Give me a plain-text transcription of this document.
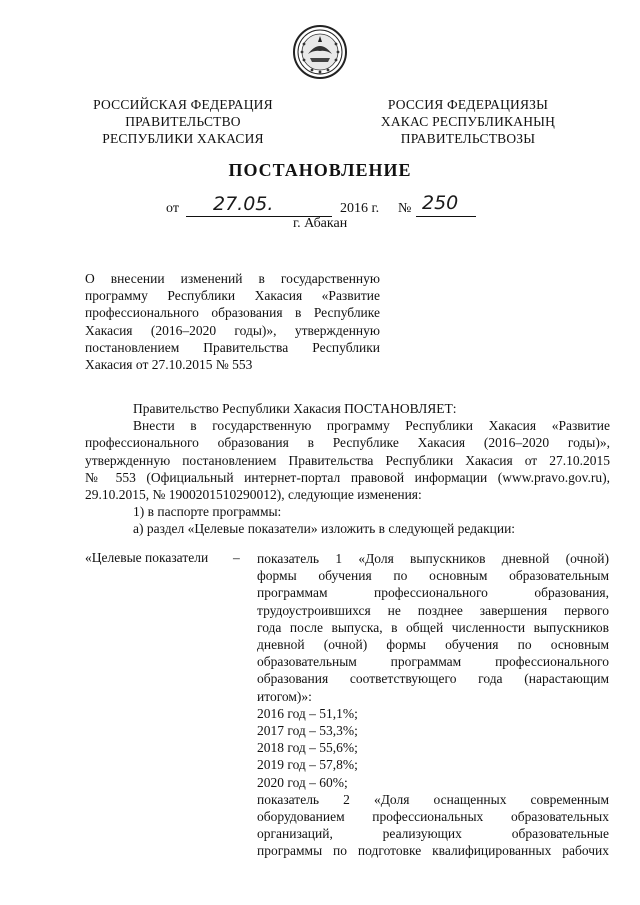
РОССИЙСКАЯ ФЕДЕРАЦИЯ
ПРАВИТЕЛЬСТВО
РЕСПУБЛИКИ ХАКАСИЯ
РОССИЯ ФЕДЕРАЦИЯЗЫ
ХАКАС РЕСПУБЛИКАНЫҢ
ПРАВИТЕЛЬСТВОЗЫ
ПОСТАНОВЛЕНИЕ
от 27.05.	2016 г. № 250
г. Абакан
О внесении изменений в государственную
программу Республики Хакасия «Развитие
профессионального образования в Республике
Хакасия (2016–2020 годы)», утвержденную
постановлением Правительства Республики
Хакасия от 27.10.2015 № 553
Правительство Республики Хакасия ПОСТАНОВЛЯЕТ:
Внести в государственную программу Республики Хакасия «Развитие
профессионального образования в Республике Хакасия (2016–2020 годы)»,
утвержденную постановлением Правительства Республики Хакасия от 27.10.2015
№ 553 (Официальный интернет-портал правовой информации (www.pravo.gov.ru),
29.10.2015, № 1900201510290012), следующие изменения:
1) в паспорте программы:
а) раздел «Целевые показатели» изложить в следующей редакции:
«Целевые показатели – показатель 1 «Доля выпускников дневной (очной)
формы обучения по основным образовательным
программам профессионального образования,
трудоустроившихся не позднее завершения первого
года после выпуска, в общей численности выпускников
дневной (очной) формы обучения по основным
образовательным программам профессионального
образования соответствующего года (нарастающим
итогом)»:
2016 год – 51,1%;
2017 год – 53,3%;
2018 год – 55,6%;
2019 год – 57,8%;
2020 год – 60%;
показатель 2 «Доля оснащенных современным
оборудованием профессиональных образовательных
организаций, реализующих образовательные
программы по подготовке квалифицированных рабочих
